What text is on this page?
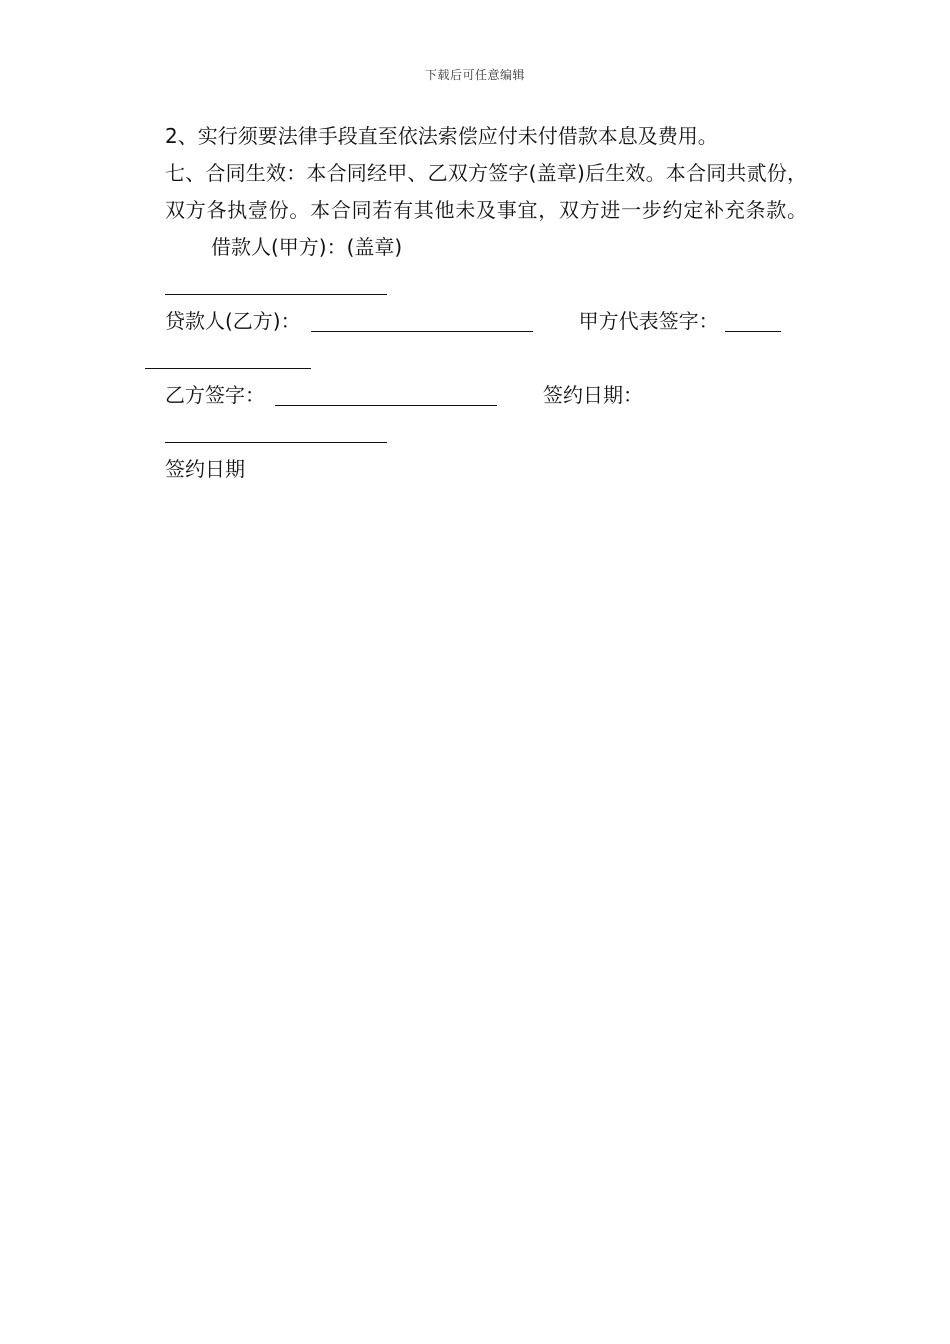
下载后可任意编辑

2、实行须要法律手段直至依法索偿应付未付借款本息及费用。

七、合同生效：本合同经甲、乙双方签字(盖章)后生效。本合同共贰份，双方各执壹份。本合同若有其他未及事宜，双方进一步约定补充条款。借款人(甲方)：(盖章)

贷款人(乙方)：	甲方代表签字：

乙方签字：	签约日期：

签约日期
